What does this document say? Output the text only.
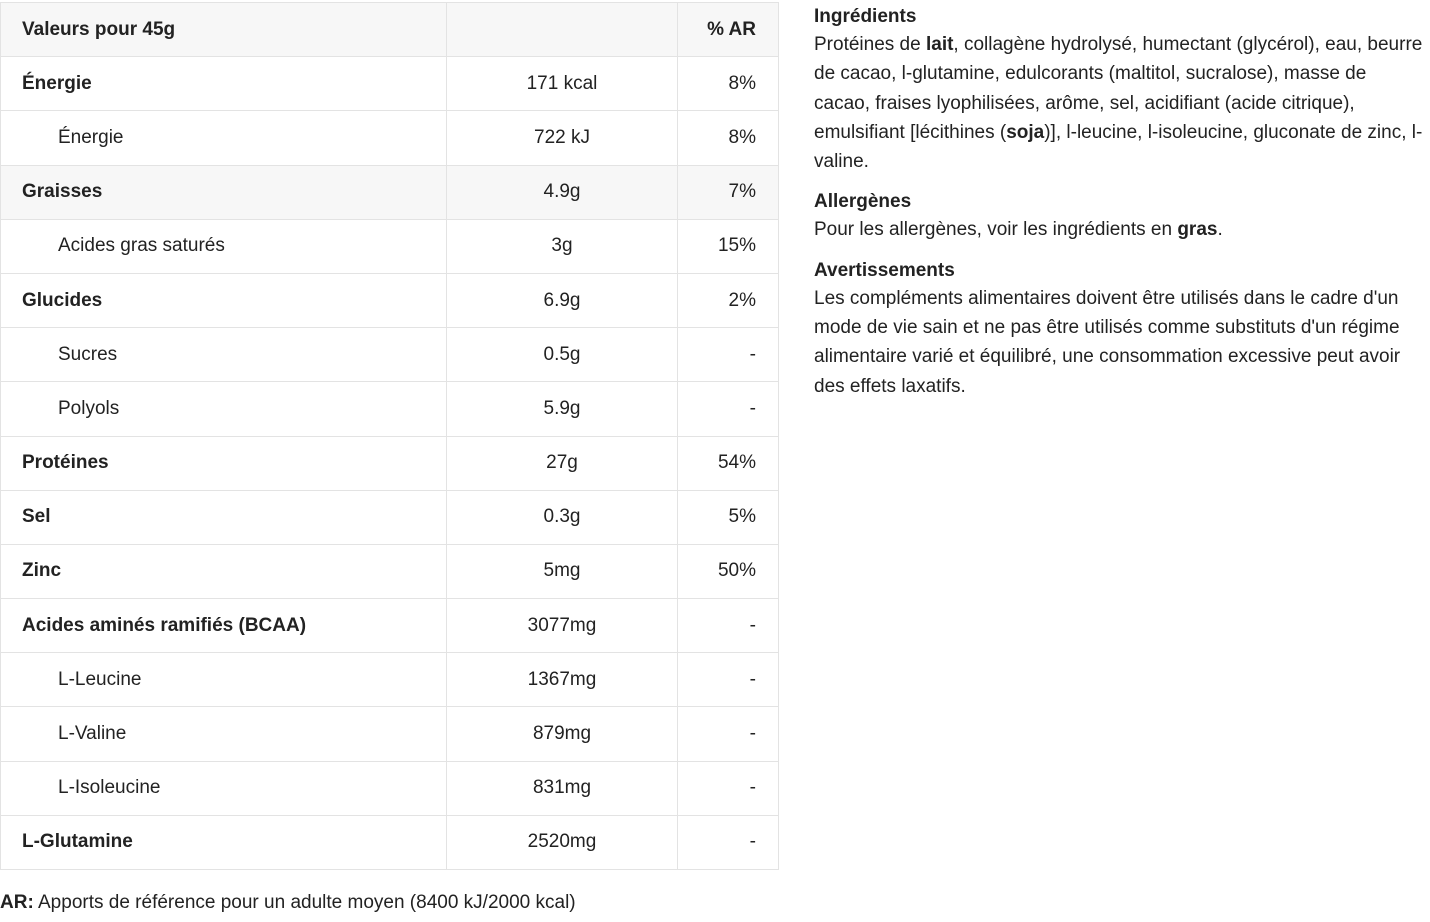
Valeurs pour 45g		% AR
Énergie	171 kcal	8%
Énergie	722 kJ	8%
Graisses	4.9g	7%
Acides gras saturés	3g	15%
Glucides	6.9g	2%
Sucres	0.5g	-
Polyols	5.9g	-
Protéines	27g	54%
Sel	0.3g	5%
Zinc	5mg	50%
Acides aminés ramifiés (BCAA)	3077mg	-
L-Leucine	1367mg	-
L-Valine	879mg	-
L-Isoleucine	831mg	-
L-Glutamine	2520mg	-
AR: Apports de référence pour un adulte moyen (8400 kJ/2000 kcal)
Ingrédients

Protéines de lait, collagène hydrolysé, humectant (glycérol), eau, beurre de cacao, l-glutamine, edulcorants (maltitol, sucralose), masse de cacao, fraises lyophilisées, arôme, sel, acidifiant (acide citrique), emulsifiant [lécithines (soja)], l-leucine, l-isoleucine, gluconate de zinc, l-valine.

Allergènes

Pour les allergènes, voir les ingrédients en gras.

Avertissements

Les compléments alimentaires doivent être utilisés dans le cadre d'un mode de vie sain et ne pas être utilisés comme substituts d'un régime alimentaire varié et équilibré, une consommation excessive peut avoir des effets laxatifs.
